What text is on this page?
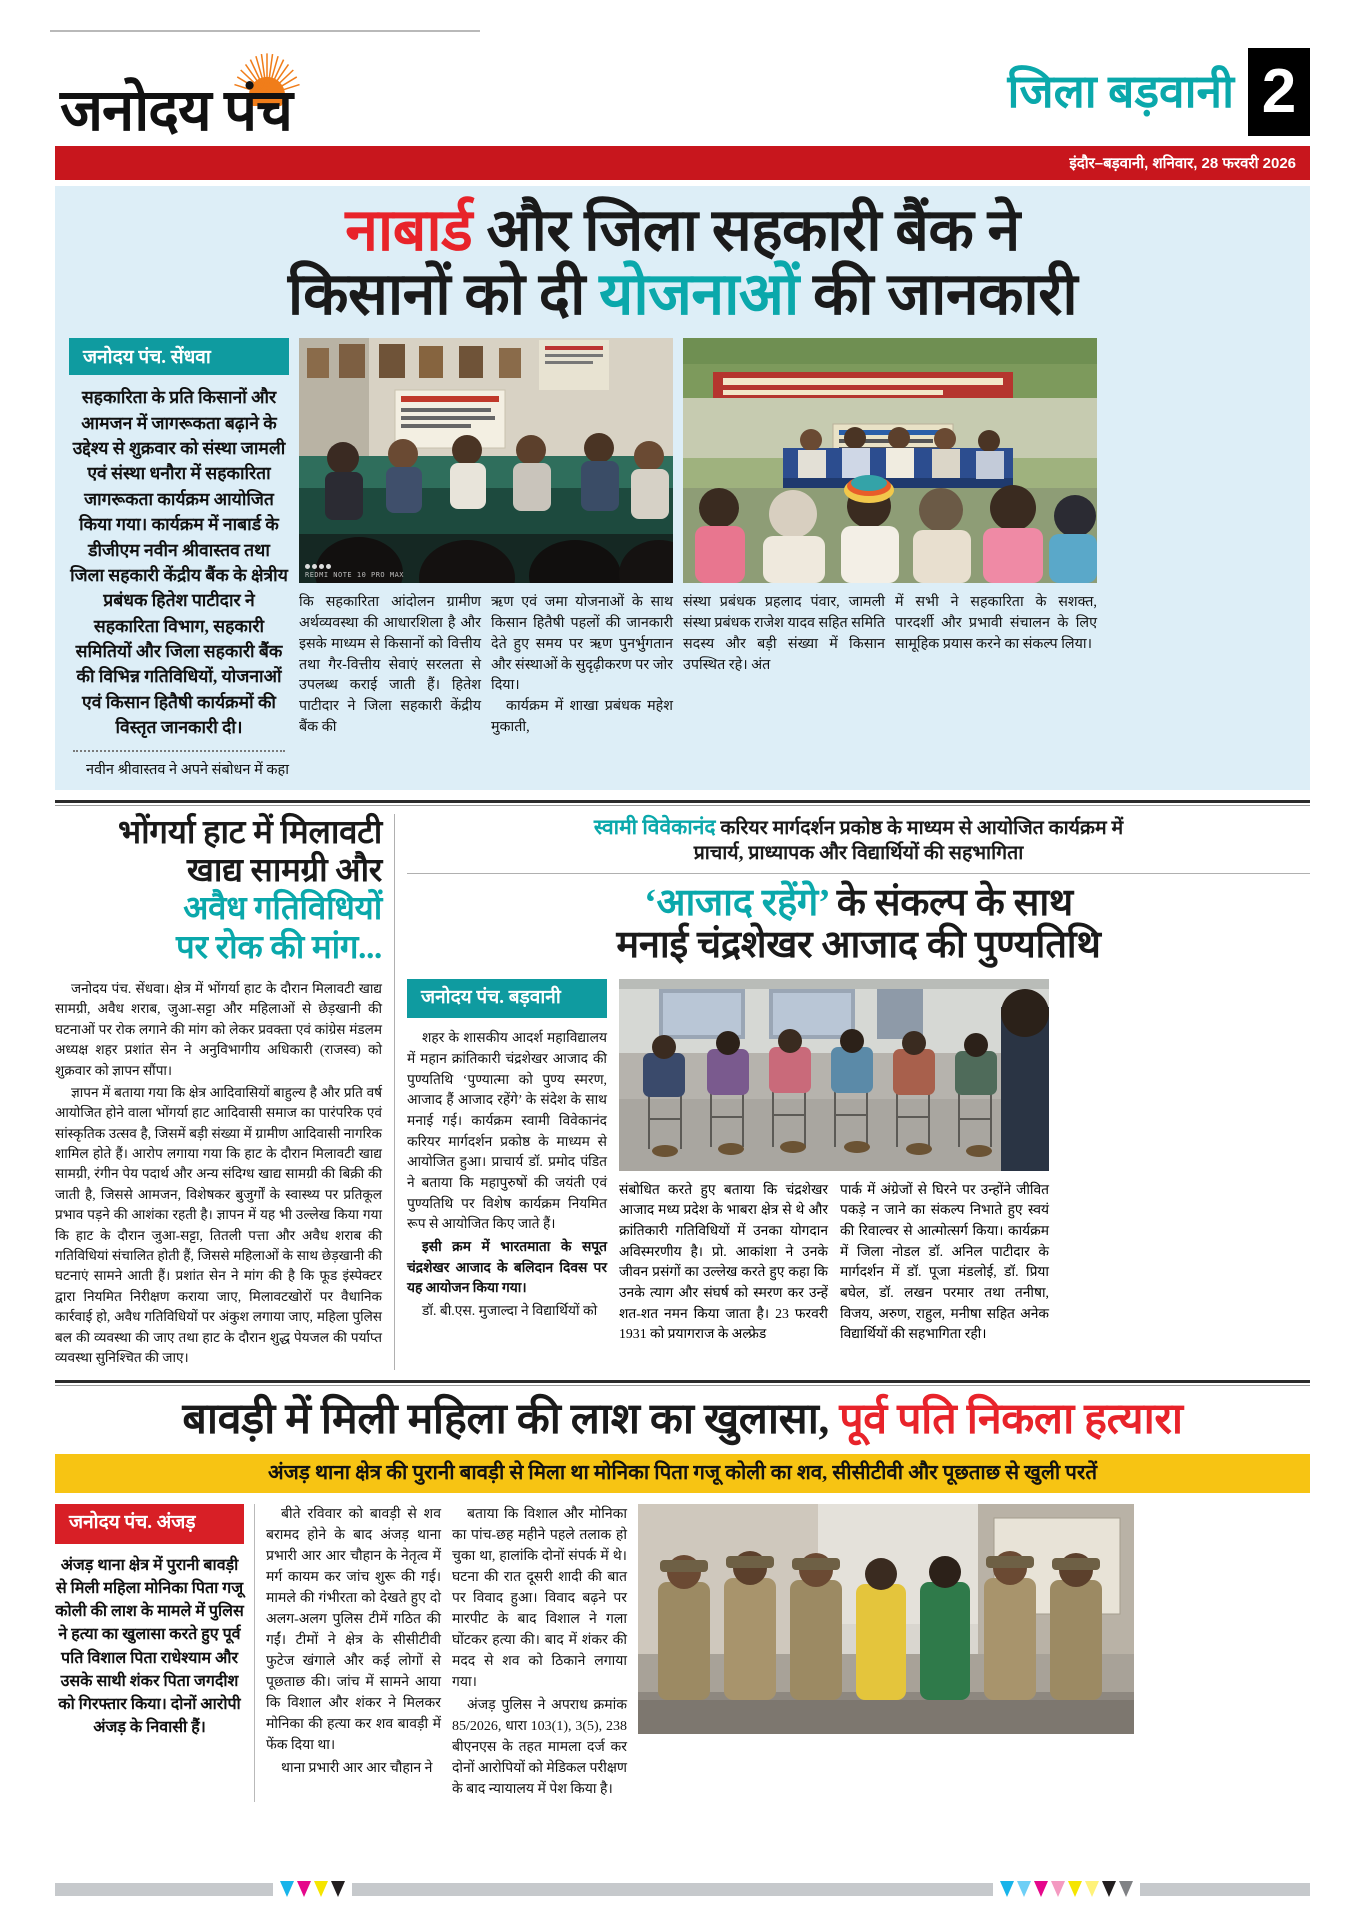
जनोदय पंच	जिला बड़वानी 2
इंदौर–बड़वानी, शनिवार, 28 फरवरी 2026
नाबार्ड और जिला सहकारी बैंक ने
किसानों को दी योजनाओं की जानकारी
जनोदय पंच. सेंधवा
सहकारिता के प्रति किसानों और आमजन में जागरूकता बढ़ाने के उद्देश्य से शुक्रवार को संस्था जामली एवं संस्था धनौरा में सहकारिता जागरूकता कार्यक्रम आयोजित किया गया। कार्यक्रम में नाबार्ड के डीजीएम नवीन श्रीवास्तव तथा जिला सहकारी केंद्रीय बैंक के क्षेत्रीय प्रबंधक हितेश पाटीदार ने सहकारिता विभाग, सहकारी समितियों और जिला सहकारी बैंक की विभिन्न गतिविधियों, योजनाओं एवं किसान हितैषी कार्यक्रमों की विस्तृत जानकारी दी।
नवीन श्रीवास्तव ने अपने संबोधन में कहा
REDMI NOTE 10 PRO MAX
कि सहकारिता आंदोलन ग्रामीण अर्थव्यवस्था की आधारशिला है और इसके माध्यम से किसानों को वित्तीय तथा गैर-वित्तीय सेवाएं सरलता से उपलब्ध कराई जाती हैं। हितेश पाटीदार ने जिला सहकारी केंद्रीय बैंक की
ऋण एवं जमा योजनाओं के साथ किसान हितैषी पहलों की जानकारी देते हुए समय पर ऋण पुनर्भुगतान और संस्थाओं के सुदृढ़ीकरण पर जोर दिया।
कार्यक्रम में शाखा प्रबंधक महेश मुकाती,
संस्था प्रबंधक प्रहलाद पंवार, जामली संस्था प्रबंधक राजेश यादव सहित समिति सदस्य और बड़ी संख्या में किसान उपस्थित रहे। अंत
में सभी ने सहकारिता के सशक्त, पारदर्शी और प्रभावी संचालन के लिए सामूहिक प्रयास करने का संकल्प लिया।
भोंगर्या हाट में मिलावटी
खाद्य सामग्री और
अवैध गतिविधियों
पर रोक की मांग...

जनोदय पंच. सेंधवा। क्षेत्र में भोंगर्या हाट के दौरान मिलावटी खाद्य सामग्री, अवैध शराब, जुआ-सट्टा और महिलाओं से छेड़खानी की घटनाओं पर रोक लगाने की मांग को लेकर प्रवक्ता एवं कांग्रेस मंडलम अध्यक्ष शहर प्रशांत सेन ने अनुविभागीय अधिकारी (राजस्व) को शुक्रवार को ज्ञापन सौंपा।

ज्ञापन में बताया गया कि क्षेत्र आदिवासियों बाहुल्य है और प्रति वर्ष आयोजित होने वाला भोंगर्या हाट आदिवासी समाज का पारंपरिक एवं सांस्कृतिक उत्सव है, जिसमें बड़ी संख्या में ग्रामीण आदिवासी नागरिक शामिल होते हैं। आरोप लगाया गया कि हाट के दौरान मिलावटी खाद्य सामग्री, रंगीन पेय पदार्थ और अन्य संदिग्ध खाद्य सामग्री की बिक्री की जाती है, जिससे आमजन, विशेषकर बुजुर्गों के स्वास्थ्य पर प्रतिकूल प्रभाव पड़ने की आशंका रहती है। ज्ञापन में यह भी उल्लेख किया गया कि हाट के दौरान जुआ-सट्टा, तितली पत्ता और अवैध शराब की गतिविधियां संचालित होती हैं, जिससे महिलाओं के साथ छेड़खानी की घटनाएं सामने आती हैं। प्रशांत सेन ने मांग की है कि फूड इंस्पेक्टर द्वारा नियमित निरीक्षण कराया जाए, मिलावटखोरों पर वैधानिक कार्रवाई हो, अवैध गतिविधियों पर अंकुश लगाया जाए, महिला पुलिस बल की व्यवस्था की जाए तथा हाट के दौरान शुद्ध पेयजल की पर्याप्त व्यवस्था सुनिश्चित की जाए।

स्वामी विवेकानंद करियर मार्गदर्शन प्रकोष्ठ के माध्यम से आयोजित कार्यक्रम में
प्राचार्य, प्राध्यापक और विद्यार्थियों की सहभागिता
‘आजाद रहेंगे’ के संकल्प के साथ
मनाई चंद्रशेखर आजाद की पुण्यतिथि
जनोदय पंच. बड़वानी

शहर के शासकीय आदर्श महाविद्यालय में महान क्रांतिकारी चंद्रशेखर आजाद की पुण्यतिथि ‘पुण्यात्मा को पुण्य स्मरण, आजाद हैं आजाद रहेंगे’ के संदेश के साथ मनाई गई। कार्यक्रम स्वामी विवेकानंद करियर मार्गदर्शन प्रकोष्ठ के माध्यम से आयोजित हुआ। प्राचार्य डॉ. प्रमोद पंडित ने बताया कि महापुरुषों की जयंती एवं पुण्यतिथि पर विशेष कार्यक्रम नियमित रूप से आयोजित किए जाते हैं।

इसी क्रम में भारतमाता के सपूत चंद्रशेखर आजाद के बलिदान दिवस पर यह आयोजन किया गया।

डॉ. बी.एस. मुजाल्दा ने विद्यार्थियों को

संबोधित करते हुए बताया कि चंद्रशेखर आजाद मध्य प्रदेश के भाबरा क्षेत्र से थे और क्रांतिकारी गतिविधियों में उनका योगदान अविस्मरणीय है। प्रो. आकांशा ने उनके जीवन प्रसंगों का उल्लेख करते हुए कहा कि उनके त्याग और संघर्ष को स्मरण कर उन्हें शत-शत नमन किया जाता है। 23 फरवरी 1931 को प्रयागराज के अल्फ्रेड
पार्क में अंग्रेजों से घिरने पर उन्होंने जीवित पकड़े न जाने का संकल्प निभाते हुए स्वयं की रिवाल्वर से आत्मोत्सर्ग किया। कार्यक्रम में जिला नोडल डॉ. अनिल पाटीदार के मार्गदर्शन में डॉ. पूजा मंडलोई, डॉ. प्रिया बघेल, डॉ. लखन परमार तथा तनीषा, विजय, अरुण, राहुल, मनीषा सहित अनेक विद्यार्थियों की सहभागिता रही।
बावड़ी में मिली महिला की लाश का खुलासा, पूर्व पति निकला हत्यारा
अंजड़ थाना क्षेत्र की पुरानी बावड़ी से मिला था मोनिका पिता गजू कोली का शव, सीसीटीवी और पूछताछ से खुली परतें
जनोदय पंच. अंजड़
अंजड़ थाना क्षेत्र में पुरानी बावड़ी से मिली महिला मोनिका पिता गजू कोली की लाश के मामले में पुलिस ने हत्या का खुलासा करते हुए पूर्व पति विशाल पिता राधेश्याम और उसके साथी शंकर पिता जगदीश को गिरफ्तार किया। दोनों आरोपी अंजड़ के निवासी हैं।

बीते रविवार को बावड़ी से शव बरामद होने के बाद अंजड़ थाना प्रभारी आर आर चौहान के नेतृत्व में मर्ग कायम कर जांच शुरू की गई। मामले की गंभीरता को देखते हुए दो अलग-अलग पुलिस टीमें गठित की गईं। टीमों ने क्षेत्र के सीसीटीवी फुटेज खंगाले और कई लोगों से पूछताछ की। जांच में सामने आया कि विशाल और शंकर ने मिलकर मोनिका की हत्या कर शव बावड़ी में फेंक दिया था।

थाना प्रभारी आर आर चौहान ने

बताया कि विशाल और मोनिका का पांच-छह महीने पहले तलाक हो चुका था, हालांकि दोनों संपर्क में थे। घटना की रात दूसरी शादी की बात पर विवाद हुआ। विवाद बढ़ने पर मारपीट के बाद विशाल ने गला घोंटकर हत्या की। बाद में शंकर की मदद से शव को ठिकाने लगाया गया।

अंजड़ पुलिस ने अपराध क्रमांक 85/2026, धारा 103(1), 3(5), 238 बीएनएस के तहत मामला दर्ज कर दोनों आरोपियों को मेडिकल परीक्षण के बाद न्यायालय में पेश किया है।
